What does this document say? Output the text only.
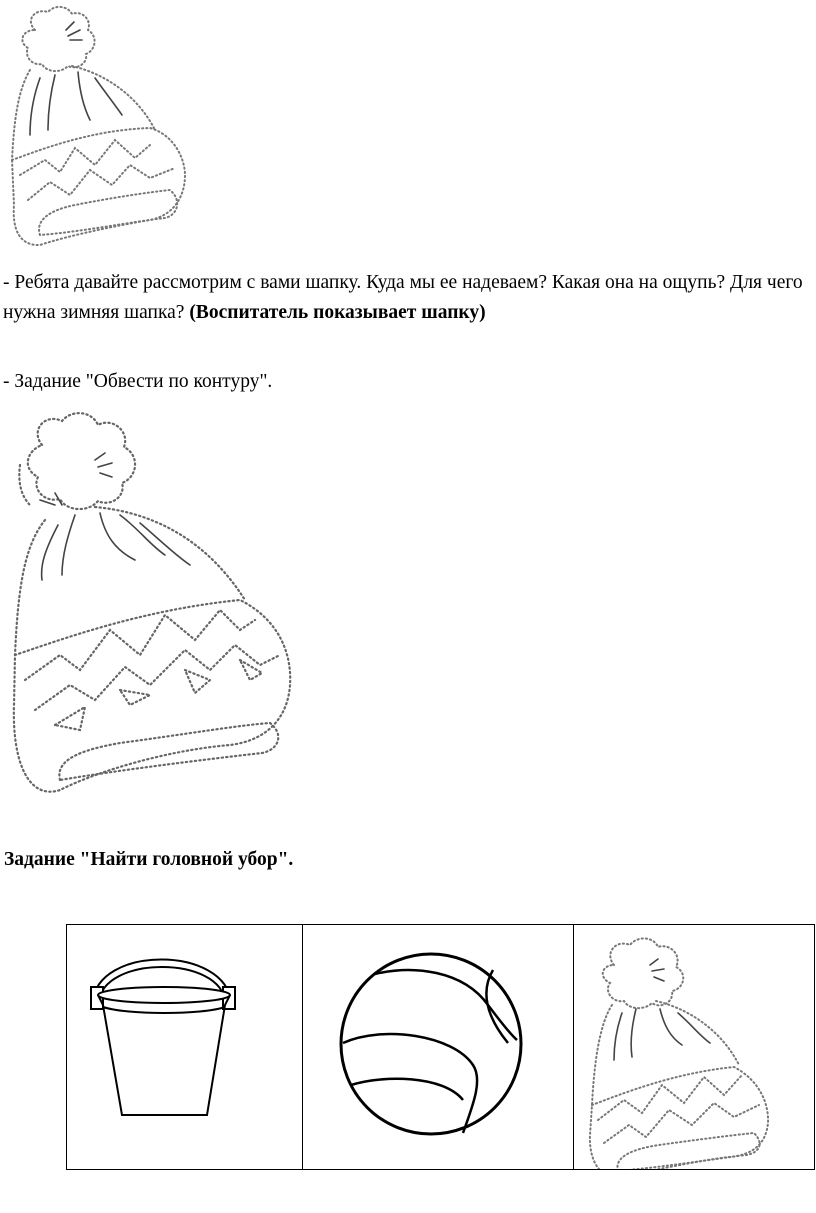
- Ребята давайте рассмотрим с вами шапку. Куда мы ее надеваем? Какая она на ощупь? Для чего нужна зимняя шапка? (Воспитатель показывает шапку)
- Задание "Обвести по контуру".
Задание "Найти головной убор".
